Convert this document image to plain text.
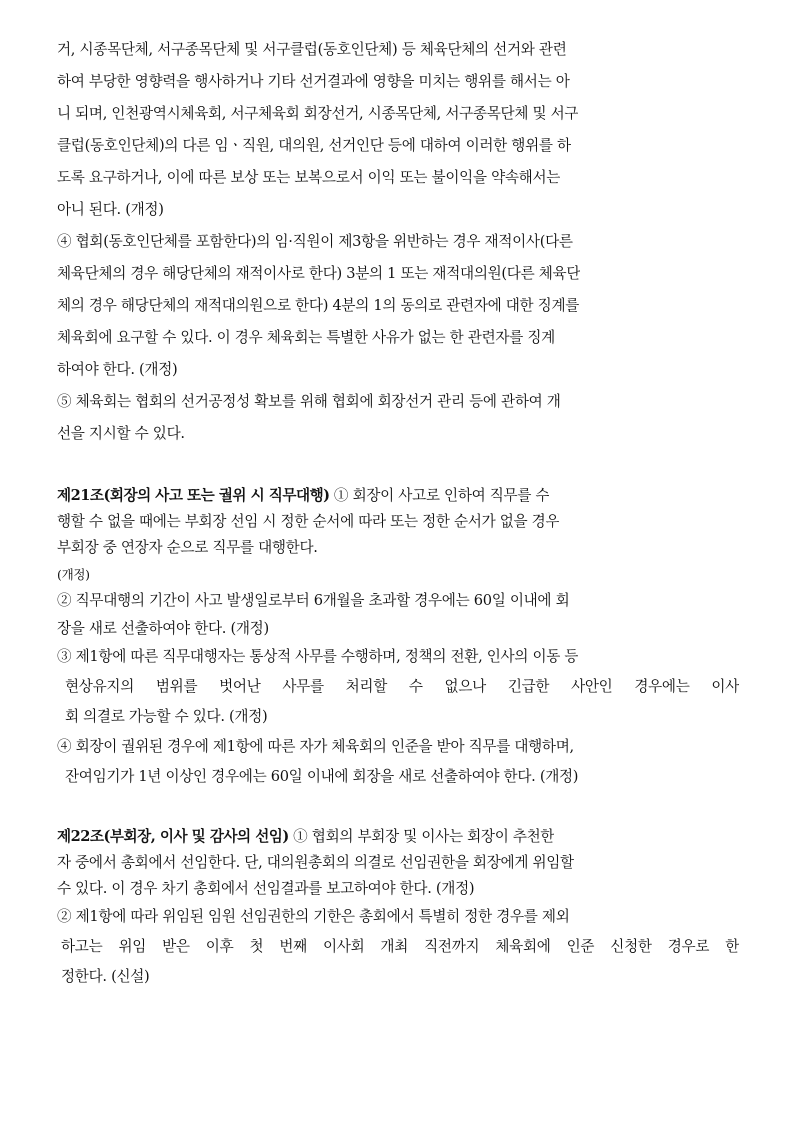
거, 시종목단체, 서구종목단체 및 서구클럽(동호인단체) 등 체육단체의 선거와 관련
하여 부당한 영향력을 행사하거나 기타 선거결과에 영향을 미치는 행위를 해서는 아
니 되며, 인천광역시체육회, 서구체육회 회장선거, 시종목단체, 서구종목단체 및 서구
클럽(동호인단체)의 다른 임ㆍ직원, 대의원, 선거인단 등에 대하여 이러한 행위를 하
도록 요구하거나, 이에 따른 보상 또는 보복으로서 이익 또는 불이익을 약속해서는
아니 된다. (개정)
④ 협회(동호인단체를 포함한다)의 임·직원이 제3항을 위반하는 경우 재적이사(다른
체육단체의 경우 해당단체의 재적이사로 한다) 3분의 1 또는 재적대의원(다른 체육단
체의 경우 해당단체의 재적대의원으로 한다) 4분의 1의 동의로 관련자에 대한 징계를
체육회에 요구할 수 있다. 이 경우 체육회는 특별한 사유가 없는 한 관련자를 징계
하여야 한다. (개정)
⑤ 체육회는 협회의 선거공정성 확보를 위해 협회에 회장선거 관리 등에 관하여 개
선을 지시할 수 있다.
제21조(회장의 사고 또는 궐위 시 직무대행) ① 회장이 사고로 인하여 직무를 수
행할 수 없을 때에는 부회장 선임 시 정한 순서에 따라 또는 정한 순서가 없을 경우
부회장 중 연장자 순으로 직무를 대행한다.
(개정)
② 직무대행의 기간이 사고 발생일로부터 6개월을 초과할 경우에는 60일 이내에 회
장을 새로 선출하여야 한다. (개정)
③ 제1항에 따른 직무대행자는 통상적 사무를 수행하며, 정책의 전환, 인사의 이동 등
현상유지의 범위를 벗어난 사무를 처리할 수 없으나 긴급한 사안인 경우에는 이사
회 의결로 가능할 수 있다. (개정)
④ 회장이 궐위된 경우에 제1항에 따른 자가 체육회의 인준을 받아 직무를 대행하며,
잔여임기가 1년 이상인 경우에는 60일 이내에 회장을 새로 선출하여야 한다. (개정)
제22조(부회장, 이사 및 감사의 선임) ① 협회의 부회장 및 이사는 회장이 추천한
자 중에서 총회에서 선임한다. 단, 대의원총회의 의결로 선임권한을 회장에게 위임할
수 있다. 이 경우 차기 총회에서 선임결과를 보고하여야 한다. (개정)
② 제1항에 따라 위임된 임원 선임권한의 기한은 총회에서 특별히 정한 경우를 제외
하고는 위임 받은 이후 첫 번째 이사회 개최 직전까지 체육회에 인준 신청한 경우로 한
정한다. (신설)
